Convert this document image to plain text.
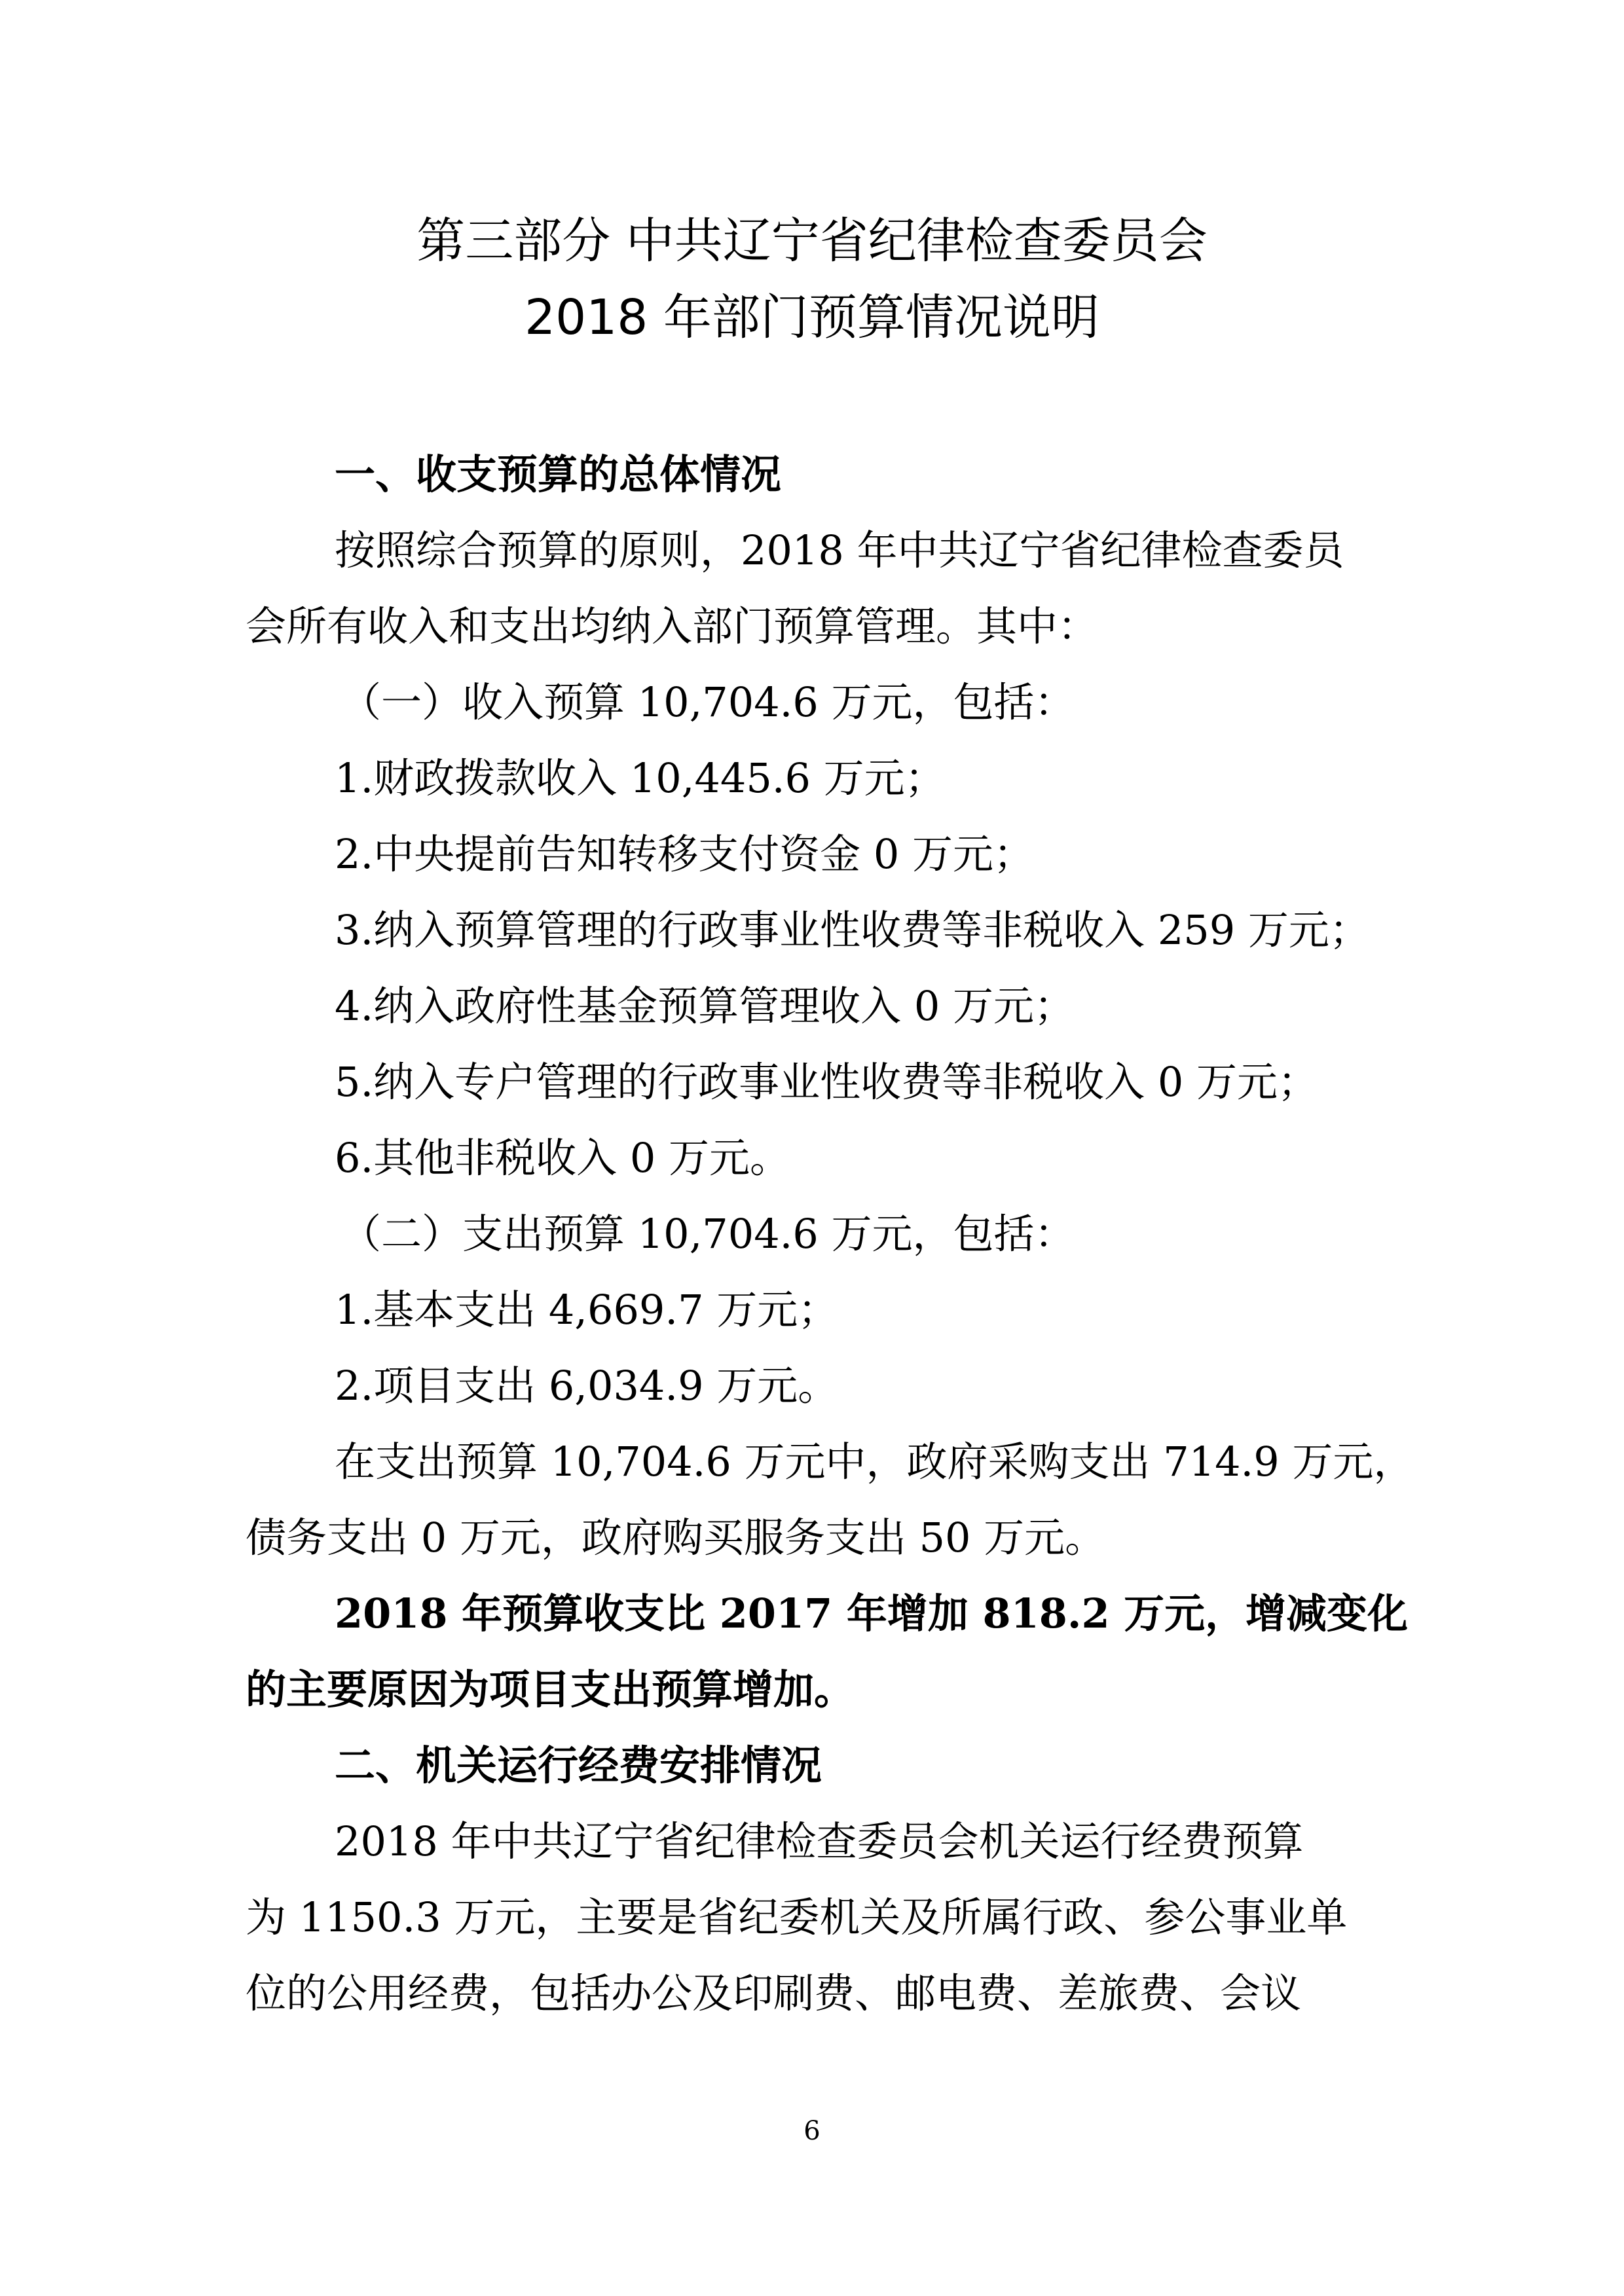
第三部分 中共辽宁省纪律检查委员会
2018 年部门预算情况说明
一、收支预算的总体情况
按照综合预算的原则，2018 年中共辽宁省纪律检查委员
会所有收入和支出均纳入部门预算管理。其中：
（一）收入预算 10,704.6 万元，包括：
1.财政拨款收入 10,445.6 万元；
2.中央提前告知转移支付资金 0 万元；
3.纳入预算管理的行政事业性收费等非税收入 259 万元；
4.纳入政府性基金预算管理收入 0 万元；
5.纳入专户管理的行政事业性收费等非税收入 0 万元；
6.其他非税收入 0 万元。
（二）支出预算 10,704.6 万元，包括：
1.基本支出 4,669.7 万元；
2.项目支出 6,034.9 万元。
在支出预算 10,704.6 万元中，政府采购支出 714.9 万元，
债务支出 0 万元，政府购买服务支出 50 万元。
2018 年预算收支比 2017 年增加 818.2 万元，增减变化
的主要原因为项目支出预算增加。
二、机关运行经费安排情况
2018 年中共辽宁省纪律检查委员会机关运行经费预算
为 1150.3 万元，主要是省纪委机关及所属行政、参公事业单
位的公用经费，包括办公及印刷费、邮电费、差旅费、会议
6
